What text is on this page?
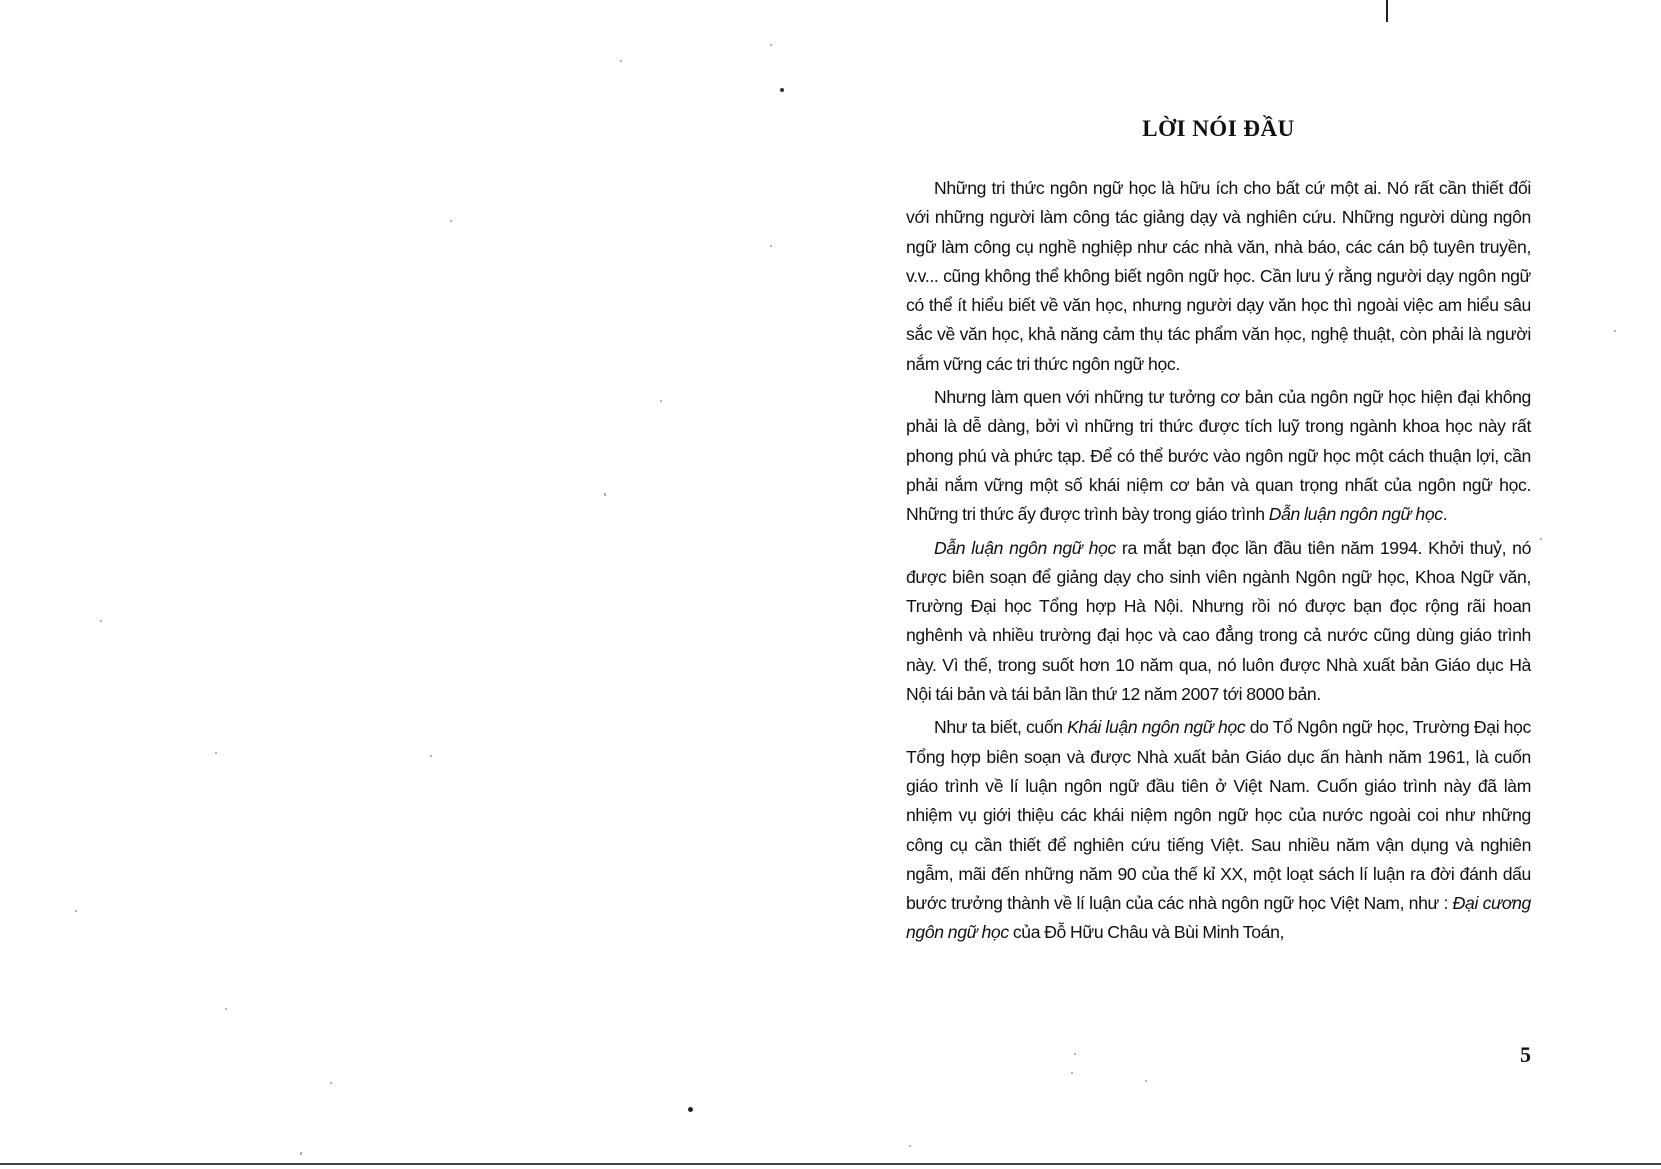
LỜI NÓI ĐẦU

Những tri thức ngôn ngữ học là hữu ích cho bất cứ một ai. Nó rất cần thiết đối với những người làm công tác giảng dạy và nghiên cứu. Những người dùng ngôn ngữ làm công cụ nghề nghiệp như các nhà văn, nhà báo, các cán bộ tuyên truyền, v.v... cũng không thể không biết ngôn ngữ học. Cần lưu ý rằng người dạy ngôn ngữ có thể ít hiểu biết về văn học, nhưng người dạy văn học thì ngoài việc am hiểu sâu sắc về văn học, khả năng cảm thụ tác phẩm văn học, nghệ thuật, còn phải là người nắm vững các tri thức ngôn ngữ học.

Nhưng làm quen với những tư tưởng cơ bản của ngôn ngữ học hiện đại không phải là dễ dàng, bởi vì những tri thức được tích luỹ trong ngành khoa học này rất phong phú và phức tạp. Để có thể bước vào ngôn ngữ học một cách thuận lợi, cần phải nắm vững một số khái niệm cơ bản và quan trọng nhất của ngôn ngữ học. Những tri thức ấy được trình bày trong giáo trình Dẫn luận ngôn ngữ học.

Dẫn luận ngôn ngữ học ra mắt bạn đọc lần đầu tiên năm 1994. Khởi thuỷ, nó được biên soạn để giảng dạy cho sinh viên ngành Ngôn ngữ học, Khoa Ngữ văn, Trường Đại học Tổng hợp Hà Nội. Nhưng rồi nó được bạn đọc rộng rãi hoan nghênh và nhiều trường đại học và cao đẳng trong cả nước cũng dùng giáo trình này. Vì thế, trong suốt hơn 10 năm qua, nó luôn được Nhà xuất bản Giáo dục Hà Nội tái bản và tái bản lần thứ 12 năm 2007 tới 8000 bản.

Như ta biết, cuốn Khái luận ngôn ngữ học do Tổ Ngôn ngữ học, Trường Đại học Tổng hợp biên soạn và được Nhà xuất bản Giáo dục ấn hành năm 1961, là cuốn giáo trình về lí luận ngôn ngữ đầu tiên ở Việt Nam. Cuốn giáo trình này đã làm nhiệm vụ giới thiệu các khái niệm ngôn ngữ học của nước ngoài coi như những công cụ cần thiết để nghiên cứu tiếng Việt. Sau nhiều năm vận dụng và nghiên ngẫm, mãi đến những năm 90 của thế kỉ XX, một loạt sách lí luận ra đời đánh dấu bước trưởng thành về lí luận của các nhà ngôn ngữ học Việt Nam, như : Đại cương ngôn ngữ học của Đỗ Hữu Châu và Bùi Minh Toán,

5
